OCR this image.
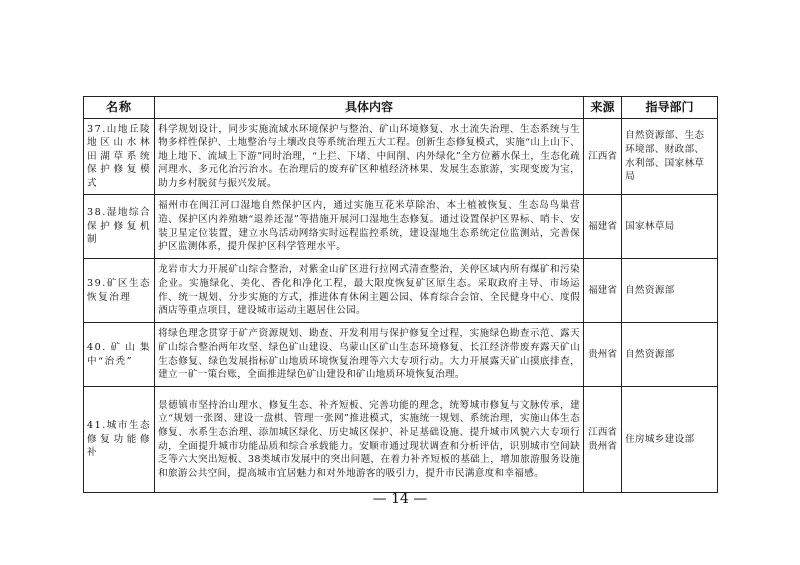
名称	具体内容	来源	指导部门
37.山地丘陵地区山水林田湖草系统保护修复模式	科学规划设计，同步实施流域水环境保护与整治、矿山环境修复、水土流失治理、生态系统与生物多样性保护、土地整治与土壤改良等系统治理五大工程。创新生态修复模式，实施“山上山下、地上地下、流域上下游”同时治理，“上拦、下堵、中间削、内外绿化”全方位蓄水保土，生态化疏河理水、多元化治污治水。在治理后的废弃矿区种植经济林果、发展生态旅游，实现变废为宝，助力乡村脱贫与振兴发展。	江西省	自然资源部、生态环境部、财政部、水利部、国家林草局
38.湿地综合保护修复机制	福州市在闽江河口湿地自然保护区内，通过实施互花米草除治、本土植被恢复、生态岛鸟巢营造、保护区内养殖塘“退养还湿”等措施开展河口湿地生态修复。通过设置保护区界标、哨卡、安装卫星定位装置，建立水鸟活动网络实时远程监控系统，建设湿地生态系统定位监测站，完善保护区监测体系，提升保护区科学管理水平。	福建省	国家林草局
39.矿区生态恢复治理	龙岩市大力开展矿山综合整治，对紫金山矿区进行拉网式清查整治，关停区域内所有煤矿和污染企业。实施绿化、美化、香化和净化工程，最大限度恢复矿区原生态。采取政府主导、市场运作、统一规划、分步实施的方式，推进体育休闲主题公园、体育综合会馆、全民健身中心、度假酒店等重点项目，建设城市运动主题居住公园。	福建省	自然资源部
40.矿山集中“治秃”	将绿色理念贯穿于矿产资源规划、勘查、开发利用与保护修复全过程，实施绿色勘查示范、露天矿山综合整治两年攻坚、绿色矿山建设、乌蒙山区矿山生态环境修复、长江经济带废弃露天矿山生态修复、绿色发展指标矿山地质环境恢复治理等六大专项行动。大力开展露天矿山摸底排查，建立一矿一策台账，全面推进绿色矿山建设和矿山地质环境恢复治理。	贵州省	自然资源部
41.城市生态修复功能修补	景德镇市坚持治山理水、修复生态、补齐短板、完善功能的理念，统筹城市修复与文脉传承，建立“规划一张图、建设一盘棋、管理一张网”推进模式，实施统一规划、系统治理，实施山体生态修复、水系生态治理、添加城区绿化、历史城区保护、补足基础设施、提升城市风貌六大专项行动，全面提升城市功能品质和综合承载能力。安顺市通过现状调查和分析评估，识别城市空间缺乏等六大突出短板、38类城市发展中的突出问题，在着力补齐短板的基础上，增加旅游服务设施和旅游公共空间，提高城市宜居魅力和对外地游客的吸引力，提升市民满意度和幸福感。	江西省贵州省	住房城乡建设部
— 14 —
